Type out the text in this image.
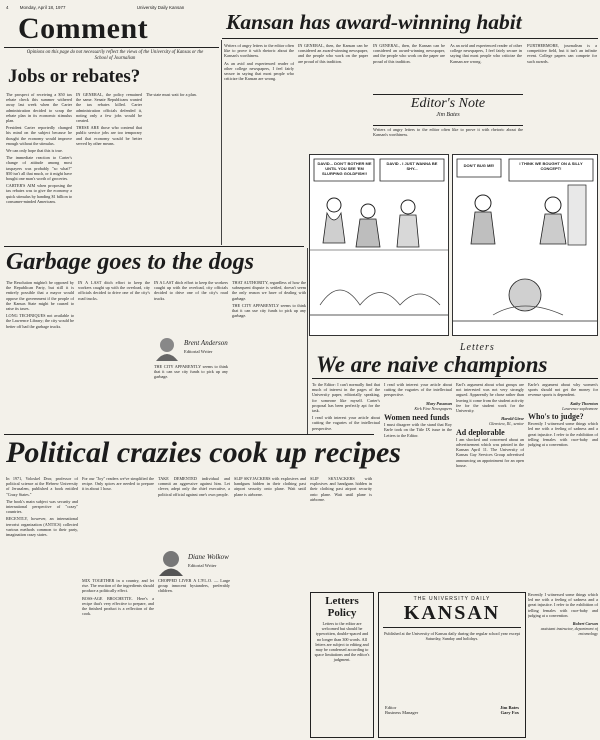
4	Monday, April 18, 1977	University Daily Kansan
Comment
Opinions on this page do not necessarily reflect the views of the University of Kansas or the School of Journalism
Jobs or rebates?

The prospect of receiving a $50 tax rebate check this summer withered away last week when the Carter administration decided to scrap the rebate plan in its economic stimulus plan.

President Carter reportedly changed his mind on the subject because he thought the economy would improve enough without the stimulus.

We can only hope that this is true.

The immediate reaction to Carter's change of attitude among most taxpayers was probably "so what?" $50 isn't all that much, or it might have bought one man's worth of groceries.

CARTER'S AIM when proposing the tax rebates was to give the economy a quick stimulus by handing $1 billion to consumer-minded Americans.

IN GENERAL, the policy remained the same. Senate Republicans wanted the tax rebates killed. Carter administration officials defended it, noting only a few jobs would be created.

THESE ARE those who contend that public service jobs are too temporary and that economy would be better served by other means.

The state must wait for a plan.

Kansan has award-winning habit

Writers of angry letters to the editor often like to prove it with rhetoric about the Kansan's worthiness.

As an avid and experienced reader of other college newspapers, I feel fairly secure in saying that most people who criticize the Kansan are wrong.

IN GENERAL, then, the Kansan can be considered an award-winning newspaper, and the people who work on the paper are proud of this tradition.

Editor's Note
Jim Bates

IN GENERAL, then, the Kansan can be considered an award-winning newspaper, and the people who work on the paper are proud of this tradition.

As an avid and experienced reader of other college newspapers, I feel fairly secure in saying that most people who criticize the Kansan are wrong.

FURTHERMORE, journalism is a competitive field, but it isn't an infinite event. College papers can compete for such awards.

Writers of angry letters to the editor often like to prove it with rhetoric about the Kansan's worthiness.

DAVID... DON'T BOTHER ME UNTIL YOU SEE 'EM SLURPING GOLDFISH!!
DAVID - I JUST WANNA BE SHY...
DON'T BUG ME!	I THINK WE BOUGHT ON A SILLY CONCEPT!
Garbage goes to the dogs

The Resolution mightn't be opposed by the Republican Party, but still it is entirely possible that a mayor would oppose the government if the people of the Kansas State might be caused to raise its taxes.

LONG TECHNIQUES not available to the Lawrence Library; the city would be better off had the garbage trucks.

IN A LAST ditch effort to keep the workers caught up with the overload, city officials decided to drive one of the city's road trucks.

Brent Anderson
Editorial Writer

IN A LAST ditch effort to keep the workers caught up with the overload, city officials decided to drive one of the city's road trucks.

THAT AUTHORITY, regardless of how the subsequent dispute is settled, doesn't seem the only reason we have of dealing with garbage.

THE CITY APPARENTLY seems to think that it can use city funds to pick up any garbage.

THE CITY APPARENTLY seems to think that it can use city funds to pick up any garbage.

Political crazies cook up recipes

In 1971, Voloskel Dror, professor of political science at the Hebrew University of Jerusalem, published a book entitled "Crazy States."

The book's main subject was security and international perspective of "crazy" countries.

RECENTLY, however, an international terrorist organization (ANTICS) collected various methods common to their party, imagination crazy states.

For our "Joy" readers we've simplified the recipe. Only spices are needed to prepare it in about 1 hour.

Diane Wolkow
Editorial Writer

MIX TOGETHER in a country, and let rise. The reaction of the ingredients should produce a politically effect.

BOSS-AGE BROCHETTE. Here's a recipe that's very effective to prepare, and the finished product is a reflection of the cook.

TAKE DEMENTED individual and commit an aggressive against him. Let clever, adept only the chief executive, a political official against one's own people.

CHOPPED LIVER A L'P.L.O. — Large group innocent bystanders, preferably children.

SLIP SKYJACKERS with explosives and handguns hidden in their clothing past airport security onto plane. Wait until plane is airborne.

Letters Policy
Letters to the editor are welcomed but should be typewritten, double-spaced and no longer than 300 words. All letters are subject to editing and may be condensed according to space limitations and the editor's judgment.

SLIP SKYJACKERS with explosives and handguns hidden in their clothing past airport security onto plane. Wait until plane is airborne.

Letters
We are naive champions

To the Editor: I can't normally find that much of interest in the pages of the University paper, editorially speaking, for someone like myself. Carter's proposal has been perfectly apt for the task.

I read with interest your article about cutting the vagaries of the intellectual perspective.

I read with interest your article about cutting the vagaries of the intellectual perspective.

Mary Passman
Kirk Fine Newspapers
Women need funds

I must disagree with the stand that Roy Earle took on the Title IX issue in the Letters to the Editor.

Earl's argument about what groups are not interested was not very strongly argued. Apparently he chose rather than leaving it come from the student activity fee for the student work for the University.

Harold Giese
Glenview, Ill., senior
Ad deplorable

I am shocked and concerned about an advertisement which was printed in the Kansan April 11. The University of Kansas Gay Services Group advertised announcing an appointment for an open house.

Earle's argument about why women's sports should not get the money for revenue sports is dependent.

Kathy Thornton
Lawrence sophomore
Who's to judge?

Recently I witnessed some things which led me with a feeling of sadness and a great injustice. I refer to the exhibition of telling females with race-baby and judging at a convention.

Recently I witnessed some things which led me with a feeling of sadness and a great injustice. I refer to the exhibition of telling females with race-baby and judging at a convention.

Robert Carson
assistant instructor, department of entomology
THE UNIVERSITY DAILY
KANSAN
Published at the University of Kansas daily during the regular school year except Saturday, Sunday and holidays.
Editor	Jim Bates
Business Manager	Gary Fox
